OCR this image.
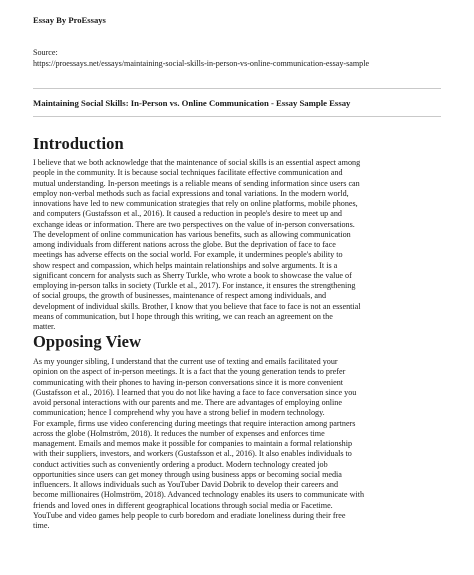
Essay By ProEssays
Source:
https://proessays.net/essays/maintaining-social-skills-in-person-vs-online-communication-essay-sample
Maintaining Social Skills: In-Person vs. Online Communication - Essay Sample Essay
Introduction
I believe that we both acknowledge that the maintenance of social skills is an essential aspect among
people in the community. It is because social techniques facilitate effective communication and
mutual understanding. In-person meetings is a reliable means of sending information since users can
employ non-verbal methods such as facial expressions and tonal variations. In the modern world,
innovations have led to new communication strategies that rely on online platforms, mobile phones,
and computers (Gustafsson et al., 2016). It caused a reduction in people's desire to meet up and
exchange ideas or information. There are two perspectives on the value of in-person conversations.
The development of online communication has various benefits, such as allowing communication
among individuals from different nations across the globe. But the deprivation of face to face
meetings has adverse effects on the social world. For example, it undermines people's ability to
show respect and compassion, which helps maintain relationships and solve arguments. It is a
significant concern for analysts such as Sherry Turkle, who wrote a book to showcase the value of
employing in-person talks in society (Turkle et al., 2017). For instance, it ensures the strengthening
of social groups, the growth of businesses, maintenance of respect among individuals, and
development of individual skills. Brother, I know that you believe that face to face is not an essential
means of communication, but I hope through this writing, we can reach an agreement on the
matter.
Opposing View
As my younger sibling, I understand that the current use of texting and emails facilitated your
opinion on the aspect of in-person meetings. It is a fact that the young generation tends to prefer
communicating with their phones to having in-person conversations since it is more convenient
(Gustafsson et al., 2016). I learned that you do not like having a face to face conversation since you
avoid personal interactions with our parents and me. There are advantages of employing online
communication; hence I comprehend why you have a strong belief in modern technology.
For example, firms use video conferencing during meetings that require interaction among partners
across the globe (Holmström, 2018). It reduces the number of expenses and enforces time
management. Emails and memos make it possible for companies to maintain a formal relationship
with their suppliers, investors, and workers (Gustafsson et al., 2016). It also enables individuals to
conduct activities such as conveniently ordering a product. Modern technology created job
opportunities since users can get money through using business apps or becoming social media
influencers. It allows individuals such as YouTuber David Dobrik to develop their careers and
become millionaires (Holmström, 2018). Advanced technology enables its users to communicate with
friends and loved ones in different geographical locations through social media or Facetime.
YouTube and video games help people to curb boredom and eradiate loneliness during their free
time.
